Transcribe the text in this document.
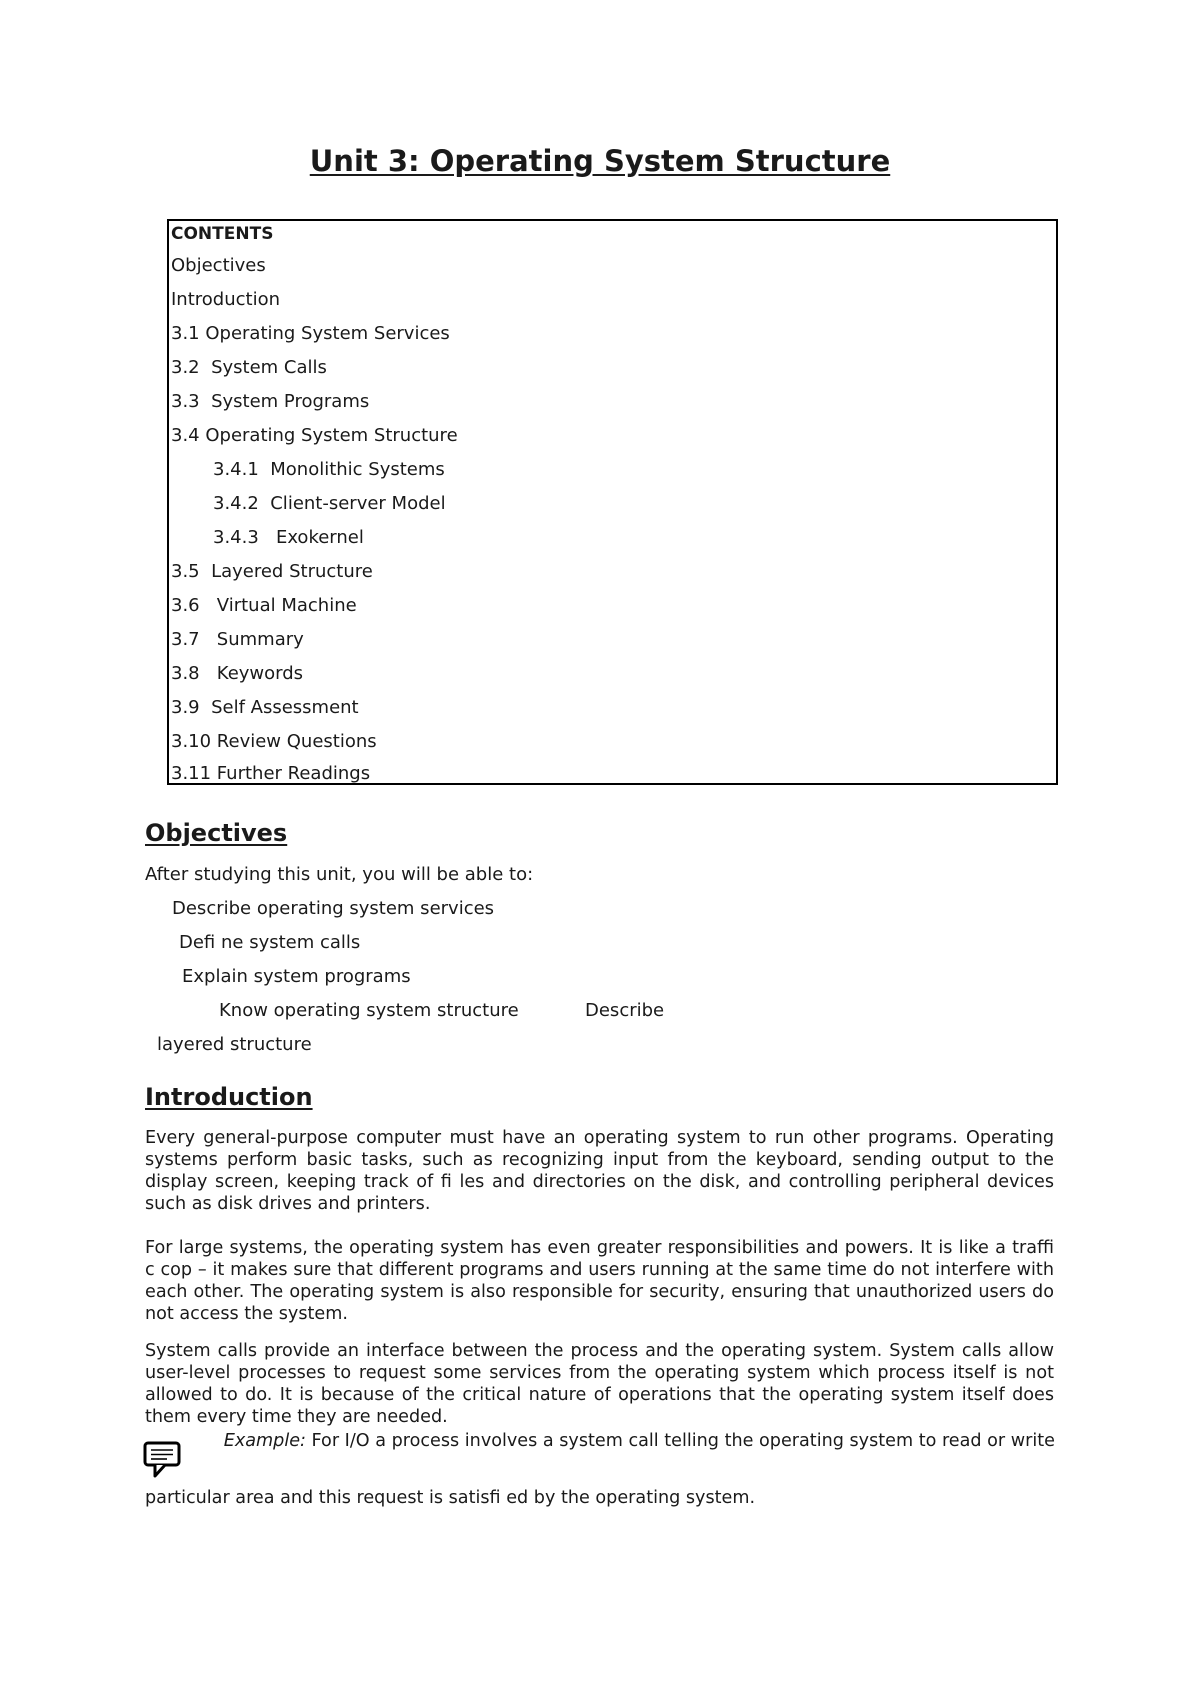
Unit 3: Operating System Structure
CONTENTS
Objectives
Introduction
3.1 Operating System Services
3.2  System Calls
3.3  System Programs
3.4 Operating System Structure
3.4.1  Monolithic Systems
3.4.2  Client-server Model
3.4.3   Exokernel
3.5  Layered Structure
3.6   Virtual Machine
3.7   Summary
3.8   Keywords
3.9  Self Assessment
3.10 Review Questions
3.11 Further Readings
Objectives
After studying this unit, you will be able to:
Describe operating system services
Defi ne system calls
Explain system programs
Know operating system structure	Describe
layered structure
Introduction

Every general-purpose computer must have an operating system to run other programs. Operating systems perform basic tasks, such as recognizing input from the keyboard, sending output to the display screen, keeping track of fi les and directories on the disk, and controlling peripheral devices such as disk drives and printers.

For large systems, the operating system has even greater responsibilities and powers. It is like a traffi c cop – it makes sure that different programs and users running at the same time do not interfere with each other. The operating system is also responsible for security, ensuring that unauthorized users do not access the system.

System calls provide an interface between the process and the operating system. System calls allow user-level processes to request some services from the operating system which process itself is not allowed to do. It is because of the critical nature of operations that the operating system itself does them every time they are needed.

Example: For I/O a process involves a system call telling the operating system to read or write
particular area and this request is satisfi ed by the operating system.
